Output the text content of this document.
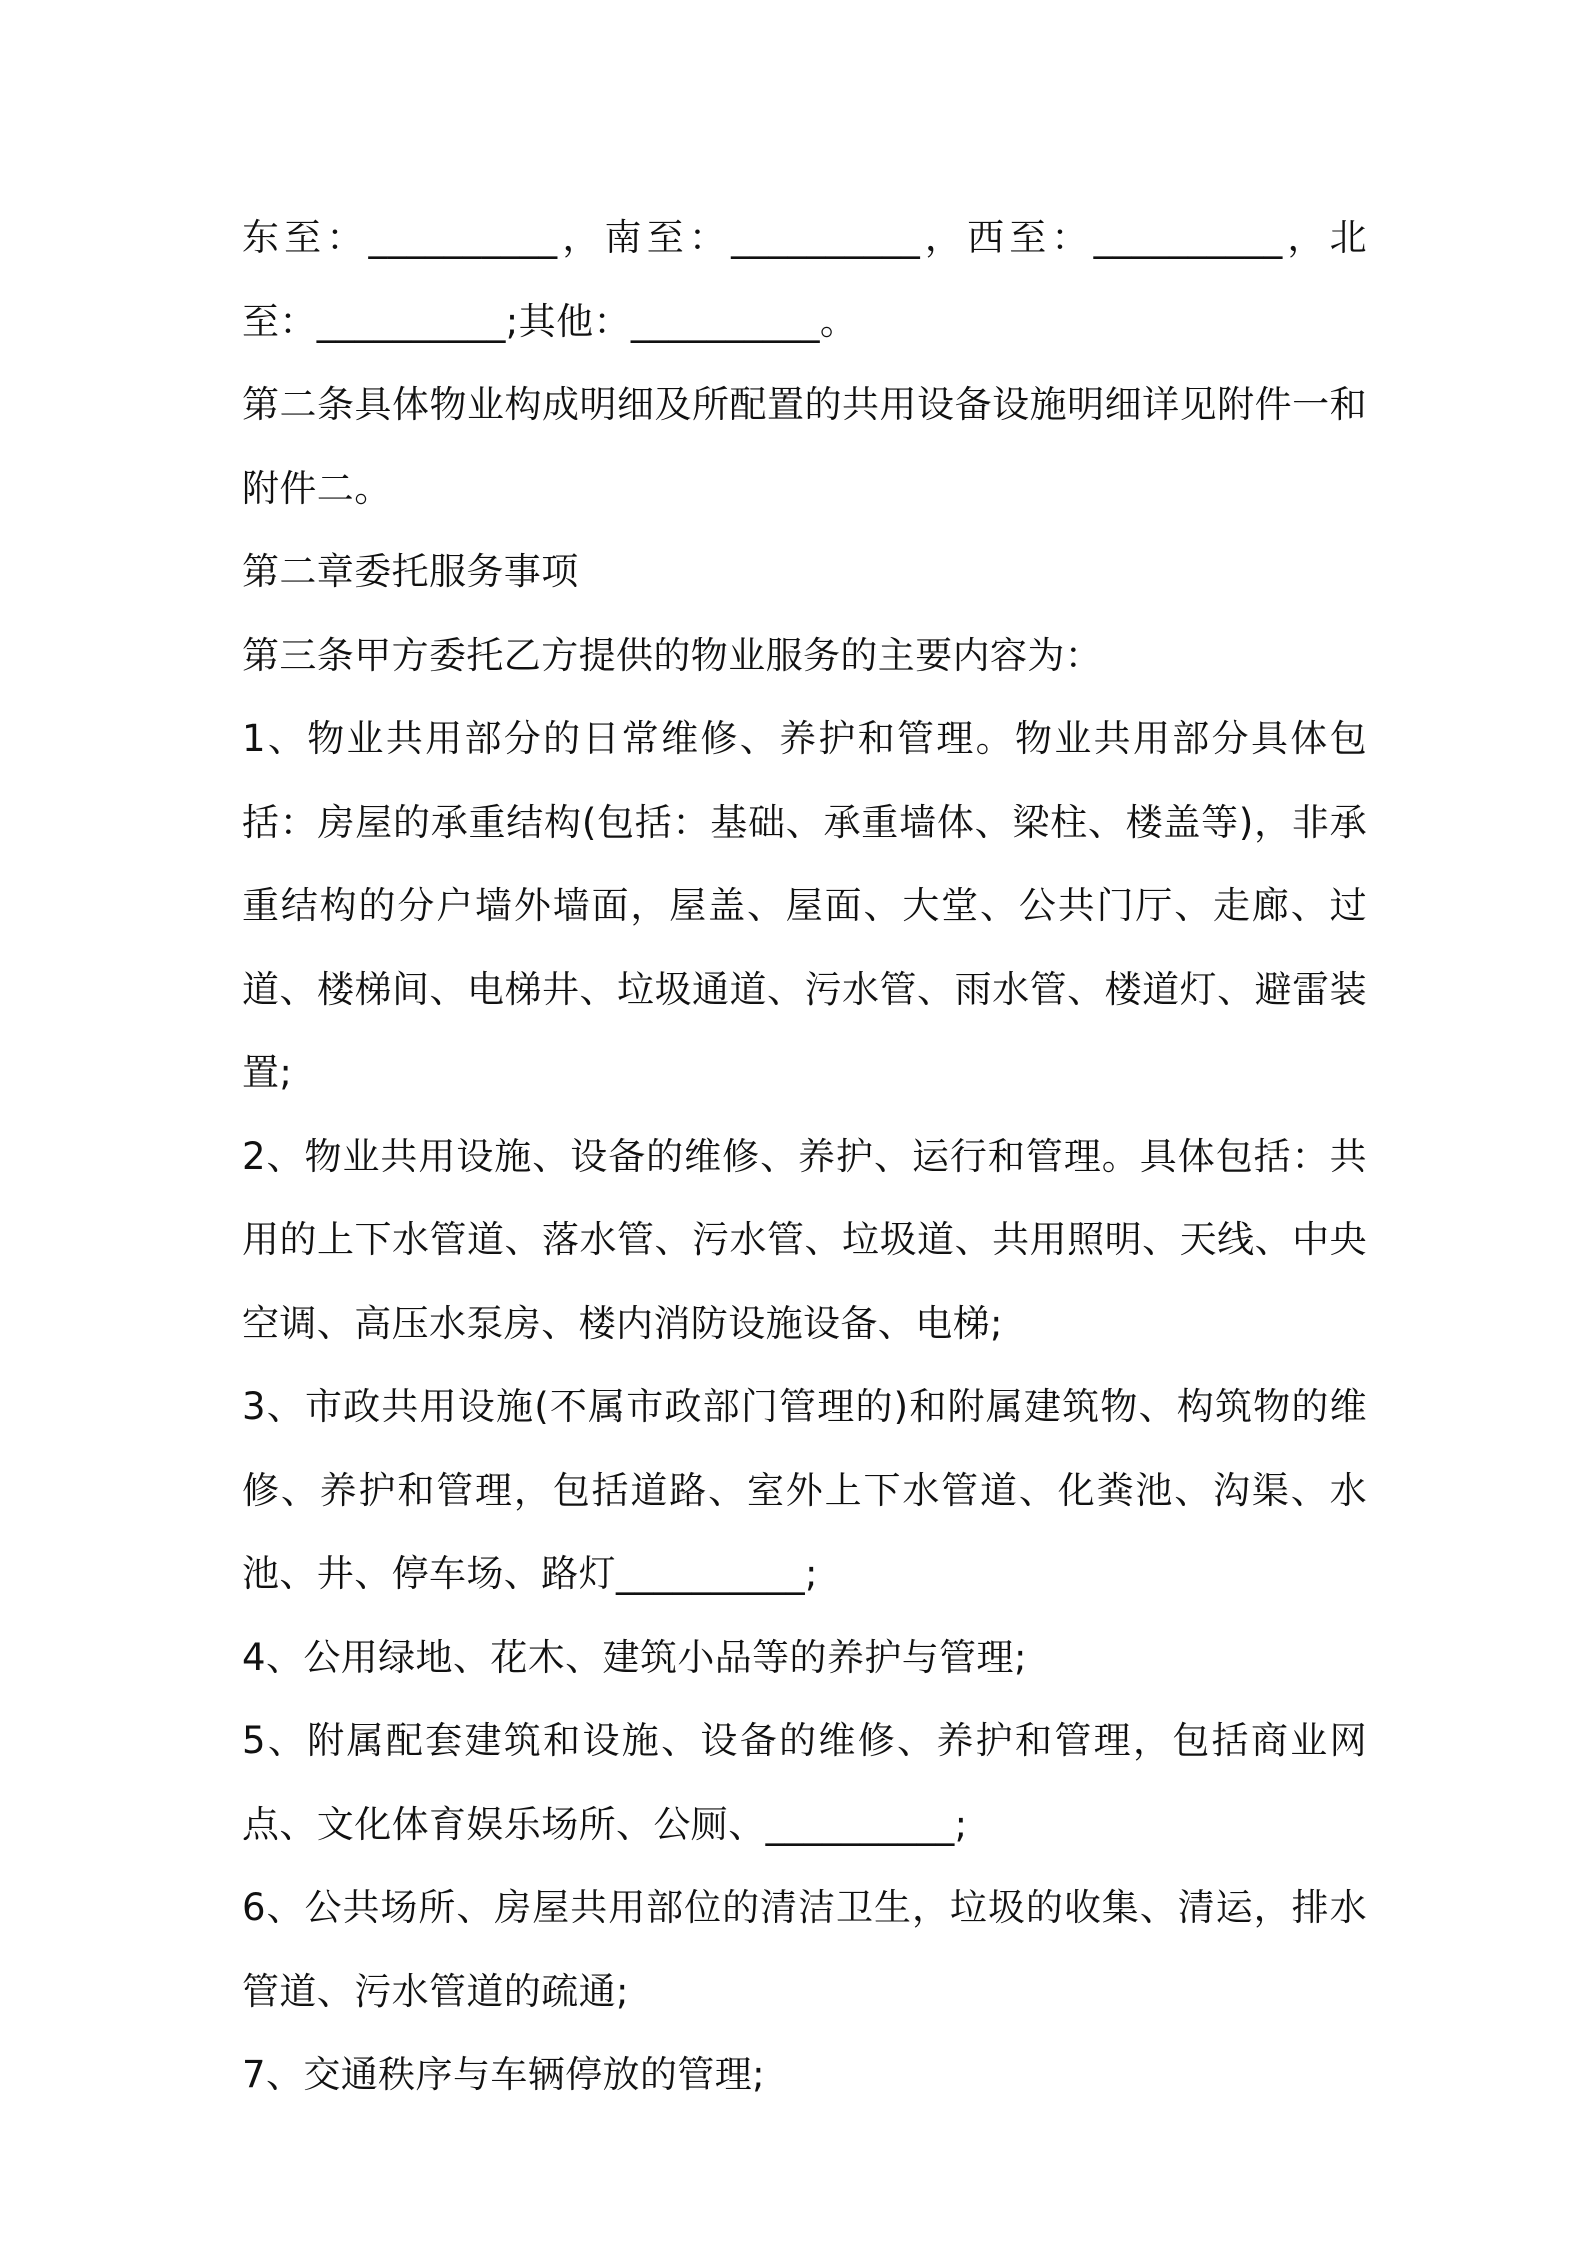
东至：__________，南至：__________，西至：__________，北至：__________;其他：__________。

第二条具体物业构成明细及所配置的共用设备设施明细详见附件一和附件二。

第二章委托服务事项

第三条甲方委托乙方提供的物业服务的主要内容为：

1、物业共用部分的日常维修、养护和管理。物业共用部分具体包括：房屋的承重结构(包括：基础、承重墙体、梁柱、楼盖等)，非承重结构的分户墙外墙面，屋盖、屋面、大堂、公共门厅、走廊、过道、楼梯间、电梯井、垃圾通道、污水管、雨水管、楼道灯、避雷装置;

2、物业共用设施、设备的维修、养护、运行和管理。具体包括：共用的上下水管道、落水管、污水管、垃圾道、共用照明、天线、中央空调、高压水泵房、楼内消防设施设备、电梯;

3、市政共用设施(不属市政部门管理的)和附属建筑物、构筑物的维修、养护和管理，包括道路、室外上下水管道、化粪池、沟渠、水池、井、停车场、路灯__________;

4、公用绿地、花木、建筑小品等的养护与管理;

5、附属配套建筑和设施、设备的维修、养护和管理，包括商业网点、文化体育娱乐场所、公厕、__________;

6、公共场所、房屋共用部位的清洁卫生，垃圾的收集、清运，排水管道、污水管道的疏通;

7、交通秩序与车辆停放的管理;
